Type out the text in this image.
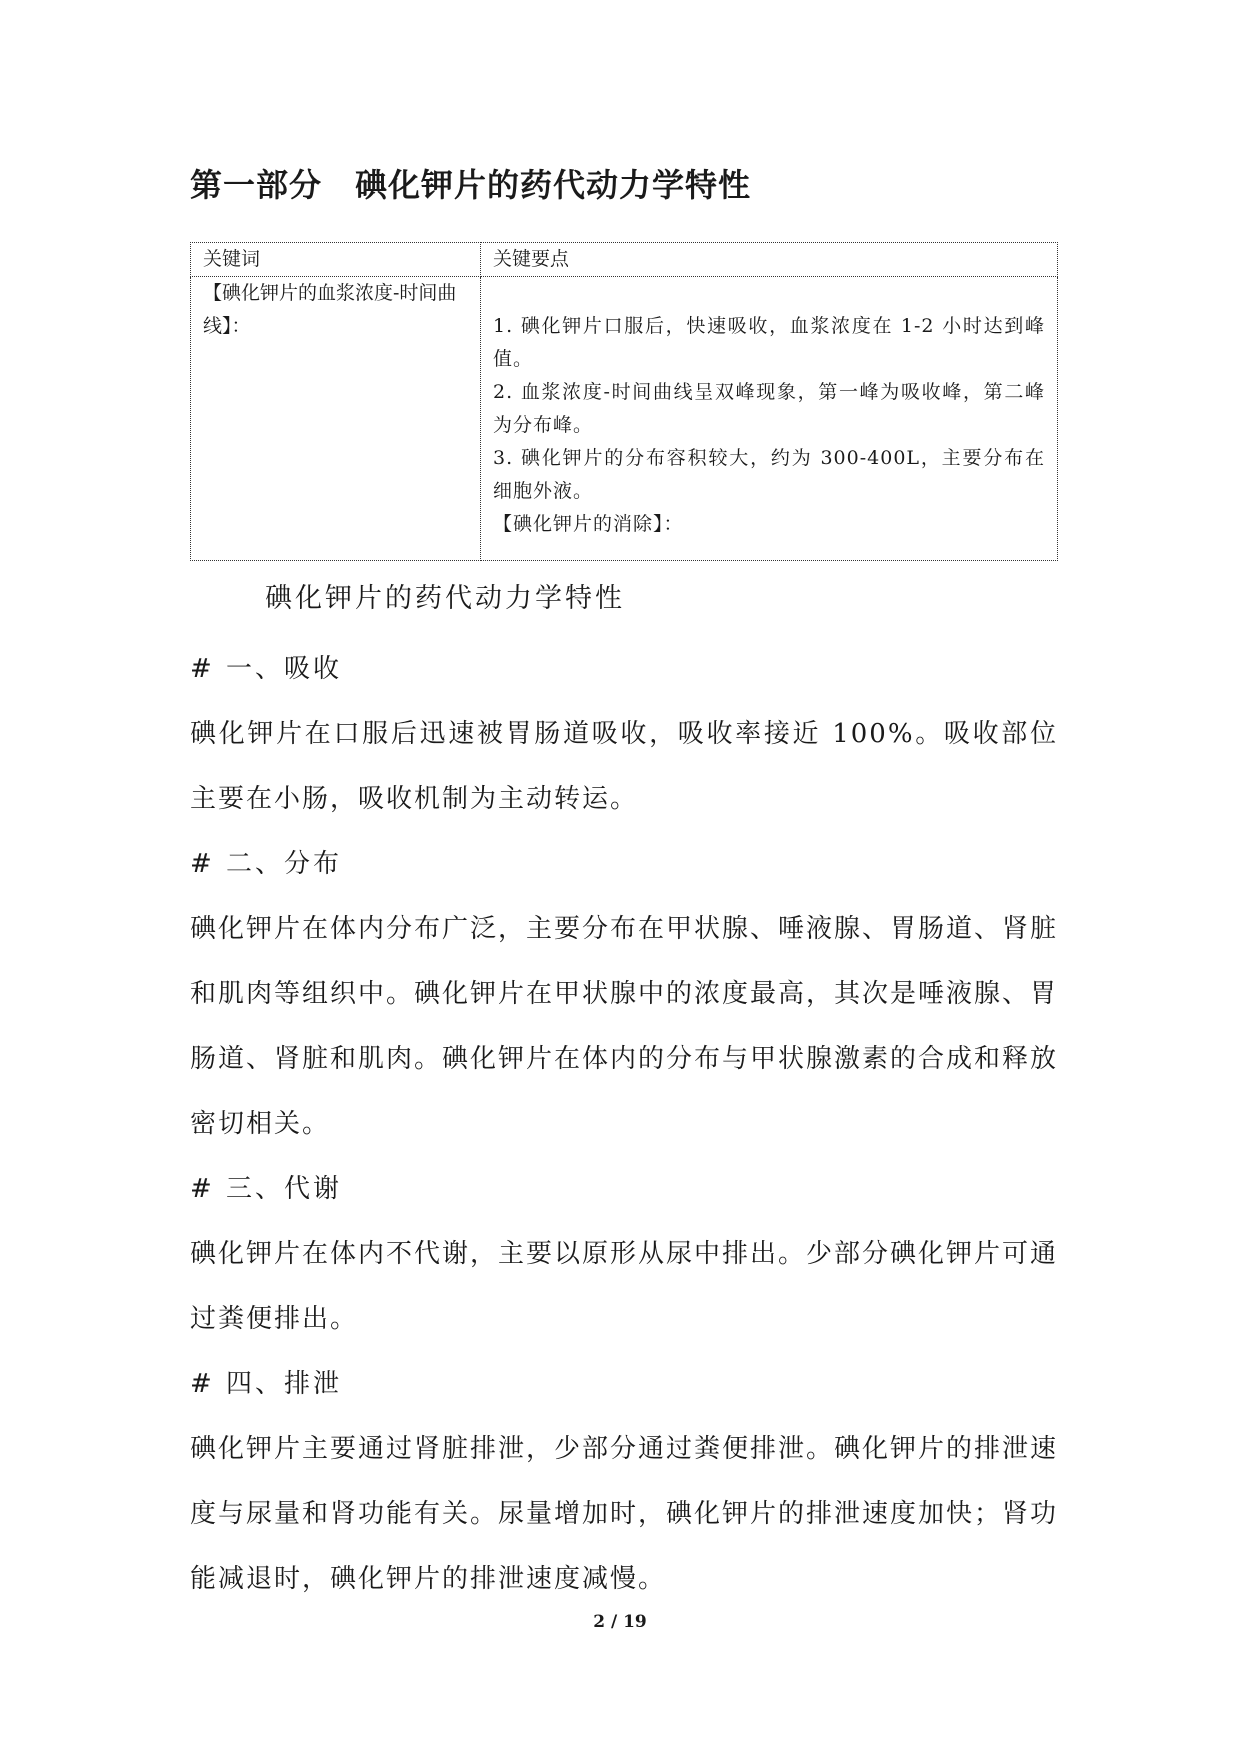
第一部分　碘化钾片的药代动力学特性
关键词	关键要点

【碘化钾片的血浆浓度-时间曲线】：	1. 碘化钾片口服后，快速吸收，血浆浓度在 1-2 小时达到峰值。

2. 血浆浓度-时间曲线呈双峰现象，第一峰为吸收峰，第二峰为分布峰。

3. 碘化钾片的分布容积较大，约为 300-400L，主要分布在细胞外液。

【碘化钾片的消除】：

碘化钾片的药代动力学特性

# 一、吸收

碘化钾片在口服后迅速被胃肠道吸收，吸收率接近 100%。吸收部位主要在小肠，吸收机制为主动转运。

# 二、分布

碘化钾片在体内分布广泛，主要分布在甲状腺、唾液腺、胃肠道、肾脏和肌肉等组织中。碘化钾片在甲状腺中的浓度最高，其次是唾液腺、胃肠道、肾脏和肌肉。碘化钾片在体内的分布与甲状腺激素的合成和释放密切相关。

# 三、代谢

碘化钾片在体内不代谢，主要以原形从尿中排出。少部分碘化钾片可通过粪便排出。

# 四、排泄

碘化钾片主要通过肾脏排泄，少部分通过粪便排泄。碘化钾片的排泄速度与尿量和肾功能有关。尿量增加时，碘化钾片的排泄速度加快；肾功能减退时，碘化钾片的排泄速度减慢。

2 / 19
